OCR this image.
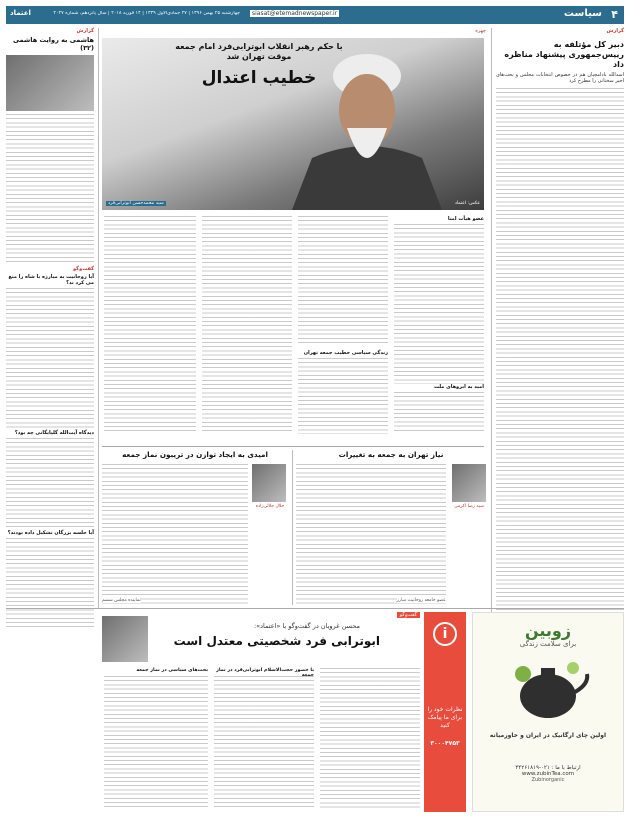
۴
سیاست
siasat@etemadnewspaper.ir
چهارشنبه ۲۵ بهمن ۱۳۹۶ | ۲۷ جمادی‌الاول ۱۴۳۹ | ۱۴ فوریه ۲۰۱۸ | سال پانزدهم، شماره ۴۰۲۷
اعتماد
گزارش
دبیر کل مؤتلفه به رییس‌جمهوری پیشنهاد مناظره داد
اسدالله بادامچیان هم در خصوص انتخابات مجلس و بحث‌های اخیر سخنانی را مطرح کرد
چهره
با حکم رهبر انقلاب ابوترابی‌فرد امام جمعه موقت تهران شد
خطیب اعتدال
سید محمدحسن ابوترابی‌فرد	عکس: اعتماد
عضو هیأت امنا
زندگی سیاسی خطیب جمعه تهران
امید به ابروهای ملت
نیاز تهران به جمعه به تغییرات
سید رضا اکرمی
عضو جامعه روحانیت مبارز
امیدی به ایجاد توازن در تریبون نماز جمعه
جلال جلالی‌زاده
نماینده مجلس ششم
گزارش
هاشمی به روایت هاشمی (۳۲)
گفت‌وگو
آیا روحانیت به مبارزه با شاه را منع می کرد ند؟
دیدگاه آیت‌الله گلپایگانی چه بود؟
آیا جلسه بزرگان تشکیل داده بودند؟
گفت‌وگو
محسن غرویان در گفت‌وگو با «اعتماد»:
ابوترابی فرد شخصیتی معتدل است
با حضور حجت‌الاسلام ابوترابی‌فرد در نماز جمعه
بحث‌های سیاسی در نماز جمعه
i
نظرات خود را برای ما پیامک کنید
۳۰۰۰۴۷۵۳
زوبین
برای سلامت زندگی
اولین چای ارگانیک در ایران و خاورمیانه
ارتباط با ما : ۰۲۱-۴۴۲۶۱۸۱۹
www.zubinTea.com
Zubinorganic
